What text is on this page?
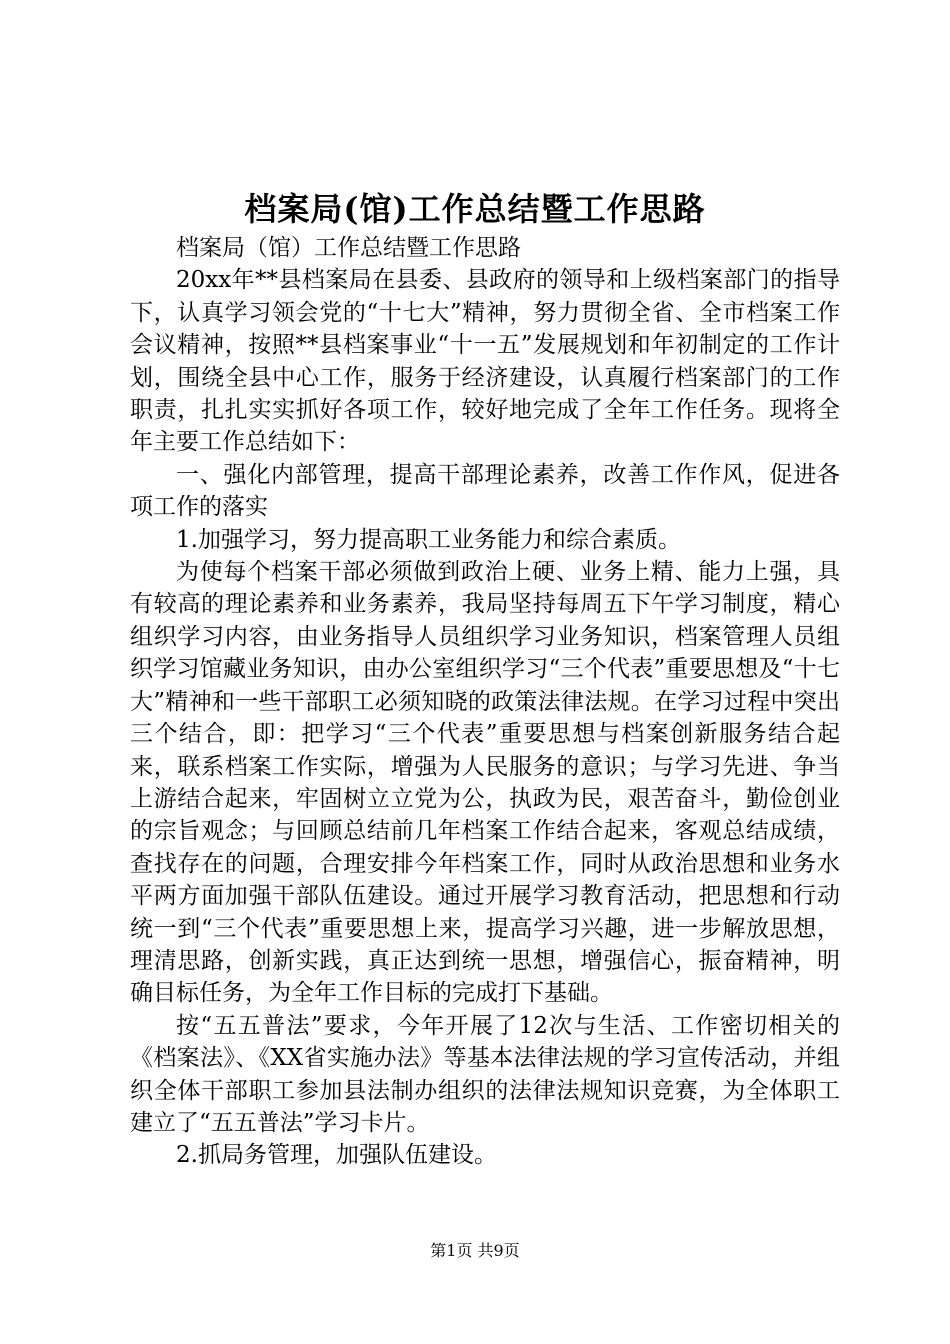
档案局(馆)工作总结暨工作思路

档案局（馆）工作总结暨工作思路

20xx年**县档案局在县委、县政府的领导和上级档案部门的指导下，认真学习领会党的“十七大”精神，努力贯彻全省、全市档案工作会议精神，按照**县档案事业“十一五”发展规划和年初制定的工作计划，围绕全县中心工作，服务于经济建设，认真履行档案部门的工作职责，扎扎实实抓好各项工作，较好地完成了全年工作任务。现将全年主要工作总结如下：

一、强化内部管理，提高干部理论素养，改善工作作风，促进各项工作的落实

1.加强学习，努力提高职工业务能力和综合素质。

为使每个档案干部必须做到政治上硬、业务上精、能力上强，具有较高的理论素养和业务素养，我局坚持每周五下午学习制度，精心组织学习内容，由业务指导人员组织学习业务知识，档案管理人员组织学习馆藏业务知识，由办公室组织学习“三个代表”重要思想及“十七大”精神和一些干部职工必须知晓的政策法律法规。在学习过程中突出三个结合，即：把学习“三个代表”重要思想与档案创新服务结合起来，联系档案工作实际，增强为人民服务的意识；与学习先进、争当上游结合起来，牢固树立立党为公，执政为民，艰苦奋斗，勤俭创业的宗旨观念；与回顾总结前几年档案工作结合起来，客观总结成绩，查找存在的问题，合理安排今年档案工作，同时从政治思想和业务水平两方面加强干部队伍建设。通过开展学习教育活动，把思想和行动统一到“三个代表”重要思想上来，提高学习兴趣，进一步解放思想，理清思路，创新实践，真正达到统一思想，增强信心，振奋精神，明确目标任务，为全年工作目标的完成打下基础。

按“五五普法”要求，今年开展了12次与生活、工作密切相关的《档案法》、《XX省实施办法》等基本法律法规的学习宣传活动，并组织全体干部职工参加县法制办组织的法律法规知识竞赛，为全体职工建立了“五五普法”学习卡片。

2.抓局务管理，加强队伍建设。

第1页 共9页
